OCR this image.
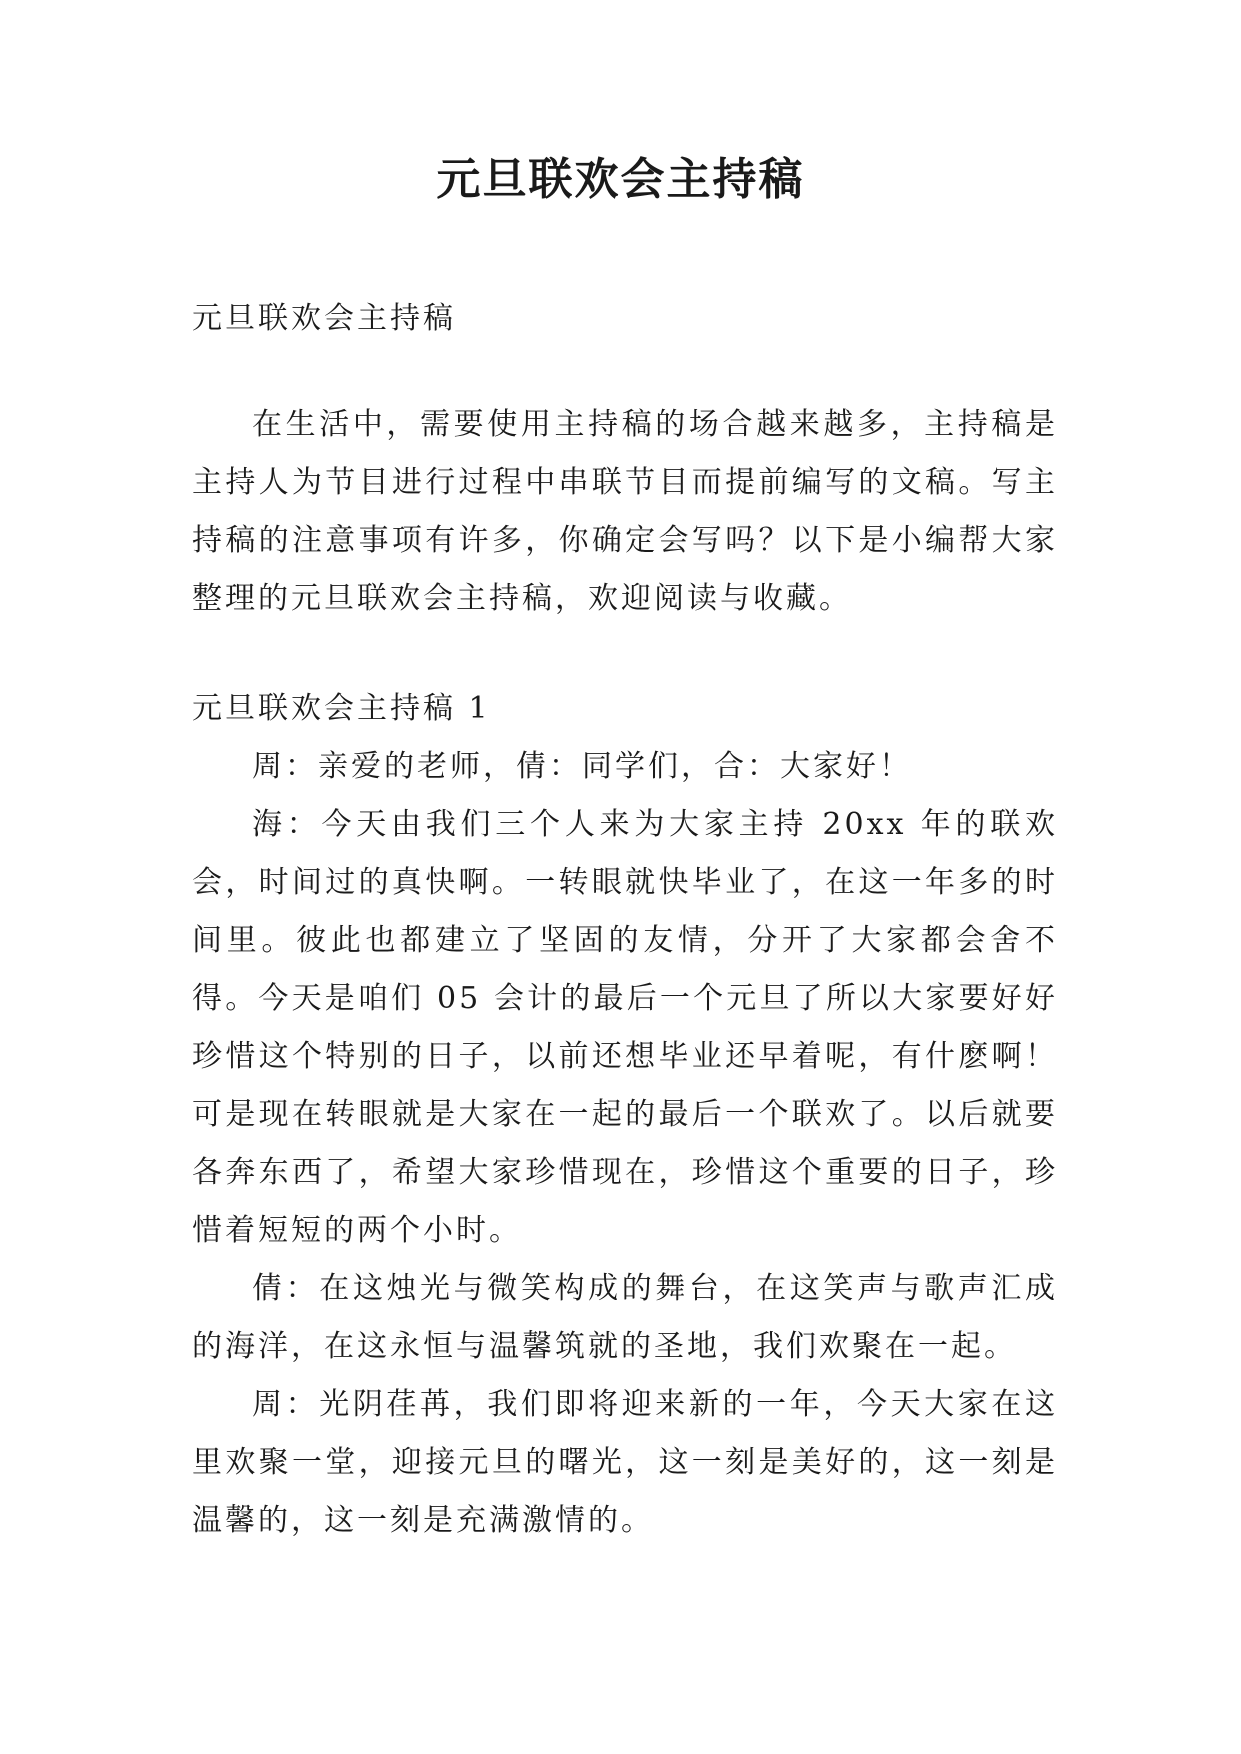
元旦联欢会主持稿

元旦联欢会主持稿

在生活中，需要使用主持稿的场合越来越多，主持稿是主持人为节目进行过程中串联节目而提前编写的文稿。写主持稿的注意事项有许多，你确定会写吗？以下是小编帮大家整理的元旦联欢会主持稿，欢迎阅读与收藏。

元旦联欢会主持稿 1

周：亲爱的老师，倩：同学们，合：大家好！

海：今天由我们三个人来为大家主持 20xx 年的联欢会，时间过的真快啊。一转眼就快毕业了，在这一年多的时间里。彼此也都建立了坚固的友情，分开了大家都会舍不得。今天是咱们 05 会计的最后一个元旦了所以大家要好好珍惜这个特别的日子，以前还想毕业还早着呢，有什麽啊！可是现在转眼就是大家在一起的最后一个联欢了。以后就要各奔东西了，希望大家珍惜现在，珍惜这个重要的日子，珍惜着短短的两个小时。

倩：在这烛光与微笑构成的舞台，在这笑声与歌声汇成的海洋，在这永恒与温馨筑就的圣地，我们欢聚在一起。

周：光阴荏苒，我们即将迎来新的一年，今天大家在这里欢聚一堂，迎接元旦的曙光，这一刻是美好的，这一刻是温馨的，这一刻是充满激情的。
